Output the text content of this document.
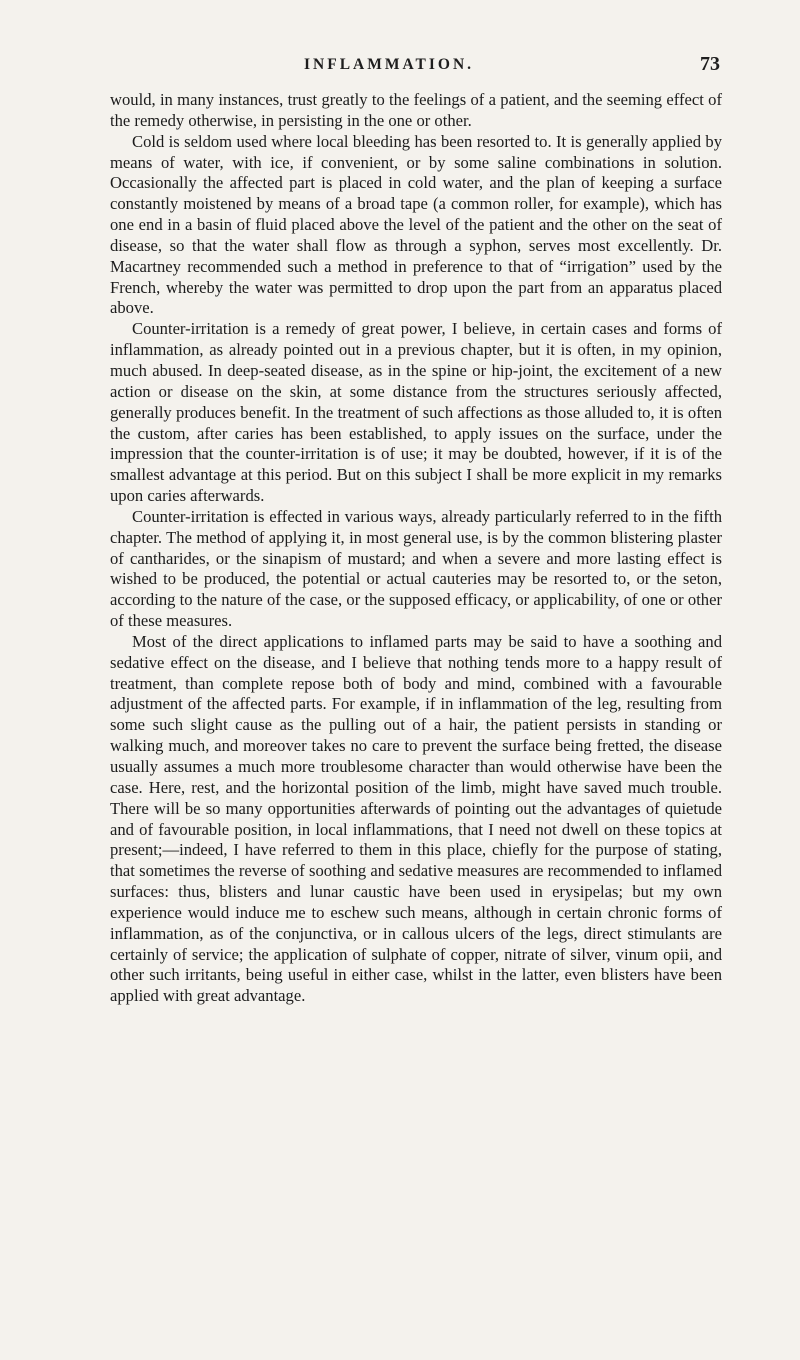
INFLAMMATION.	73

would, in many instances, trust greatly to the feelings of a patient, and the seeming effect of the remedy otherwise, in persisting in the one or other.

Cold is seldom used where local bleeding has been resorted to. It is generally applied by means of water, with ice, if convenient, or by some saline combinations in solution. Occasionally the affected part is placed in cold water, and the plan of keeping a surface constantly moistened by means of a broad tape (a common roller, for example), which has one end in a basin of fluid placed above the level of the patient and the other on the seat of disease, so that the water shall flow as through a syphon, serves most excellently. Dr. Macartney recommended such a method in preference to that of “irrigation” used by the French, whereby the water was permitted to drop upon the part from an apparatus placed above.

Counter-irritation is a remedy of great power, I believe, in certain cases and forms of inflammation, as already pointed out in a previous chapter, but it is often, in my opinion, much abused. In deep-seated disease, as in the spine or hip-joint, the excitement of a new action or disease on the skin, at some distance from the structures seriously affected, generally produces benefit. In the treatment of such affections as those alluded to, it is often the custom, after caries has been established, to apply issues on the surface, under the impression that the counter-irritation is of use; it may be doubted, however, if it is of the smallest advantage at this period. But on this subject I shall be more explicit in my remarks upon caries afterwards.

Counter-irritation is effected in various ways, already particularly referred to in the fifth chapter. The method of applying it, in most general use, is by the common blistering plaster of cantharides, or the sinapism of mustard; and when a severe and more lasting effect is wished to be produced, the potential or actual cauteries may be resorted to, or the seton, according to the nature of the case, or the supposed efficacy, or applicability, of one or other of these measures.

Most of the direct applications to inflamed parts may be said to have a soothing and sedative effect on the disease, and I believe that nothing tends more to a happy result of treatment, than complete repose both of body and mind, combined with a favourable adjustment of the affected parts. For example, if in inflammation of the leg, resulting from some such slight cause as the pulling out of a hair, the patient persists in standing or walking much, and moreover takes no care to prevent the surface being fretted, the disease usually assumes a much more troublesome character than would otherwise have been the case. Here, rest, and the horizontal position of the limb, might have saved much trouble. There will be so many opportunities afterwards of pointing out the advantages of quietude and of favourable position, in local inflammations, that I need not dwell on these topics at present;—indeed, I have referred to them in this place, chiefly for the purpose of stating, that sometimes the reverse of soothing and sedative measures are recommended to inflamed surfaces: thus, blisters and lunar caustic have been used in erysipelas; but my own experience would induce me to eschew such means, although in certain chronic forms of inflammation, as of the conjunctiva, or in callous ulcers of the legs, direct stimulants are certainly of service; the application of sulphate of copper, nitrate of silver, vinum opii, and other such irritants, being useful in either case, whilst in the latter, even blisters have been applied with great advantage.
